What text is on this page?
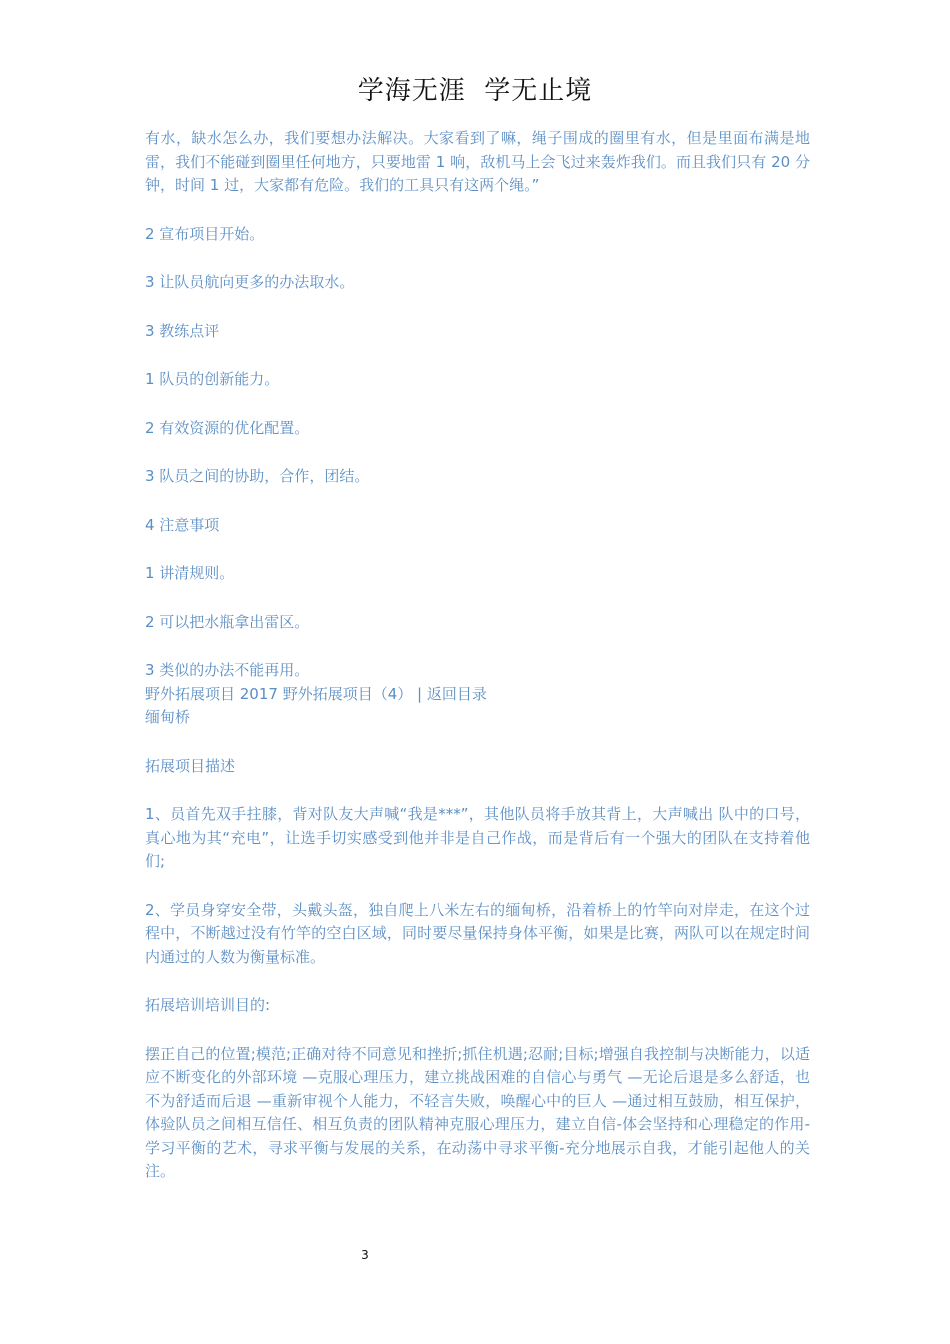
学海无涯  学无止境

有水，缺水怎么办，我们要想办法解决。大家看到了嘛，绳子围成的圈里有水，但是里面布满是地雷，我们不能碰到圈里任何地方，只要地雷 1 响，敌机马上会飞过来轰炸我们。而且我们只有 20 分钟，时间 1 过，大家都有危险。我们的工具只有这两个绳。”

2 宣布项目开始。

3 让队员航向更多的办法取水。

3 教练点评

1 队员的创新能力。

2 有效资源的优化配置。

3 队员之间的协助，合作，团结。

4 注意事项

1 讲清规则。

2 可以把水瓶拿出雷区。

3 类似的办法不能再用。

野外拓展项目 2017 野外拓展项目（4） | 返回目录

缅甸桥

拓展项目描述

1、员首先双手拄膝，背对队友大声喊“我是***”，其他队员将手放其背上，大声喊出 队中的口号，真心地为其“充电”，让选手切实感受到他并非是自己作战，而是背后有一个强大的团队在支持着他们;

2、学员身穿安全带，头戴头盔，独自爬上八米左右的缅甸桥，沿着桥上的竹竿向对岸走，在这个过程中，不断越过没有竹竿的空白区域，同时要尽量保持身体平衡，如果是比赛，两队可以在规定时间内通过的人数为衡量标准。

拓展培训培训目的:

摆正自己的位置;模范;正确对待不同意见和挫折;抓住机遇;忍耐;目标;增强自我控制与决断能力，以适应不断变化的外部环境 —克服心理压力，建立挑战困难的自信心与勇气 —无论后退是多么舒适，也不为舒适而后退 —重新审视个人能力，不轻言失败，唤醒心中的巨人 —通过相互鼓励，相互保护，体验队员之间相互信任、相互负责的团队精神克服心理压力，建立自信-体会坚持和心理稳定的作用-学习平衡的艺术，寻求平衡与发展的关系，在动荡中寻求平衡-充分地展示自我，才能引起他人的关注。

3
